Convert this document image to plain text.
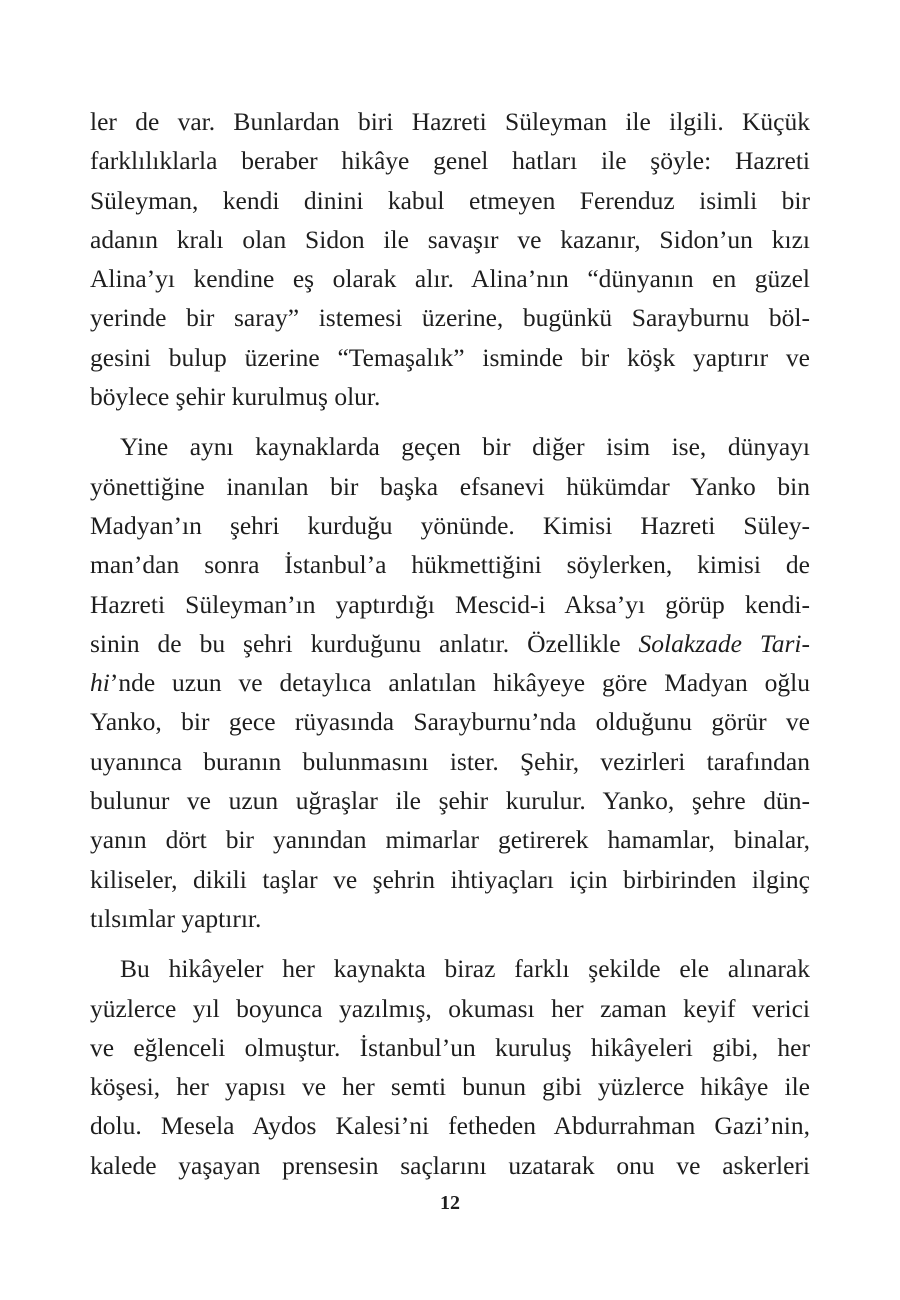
ler de var. Bunlardan biri Hazreti Süleyman ile ilgili. Küçük
farklılıklarla beraber hikâye genel hatları ile şöyle: Hazreti
Süleyman, kendi dinini kabul etmeyen Ferenduz isimli bir
adanın kralı olan Sidon ile savaşır ve kazanır, Sidon’un kızı
Alina’yı kendine eş olarak alır. Alina’nın “dünyanın en güzel
yerinde bir saray” istemesi üzerine, bugünkü Sarayburnu böl-
gesini bulup üzerine “Temaşalık” isminde bir köşk yaptırır ve
böylece şehir kurulmuş olur.
Yine aynı kaynaklarda geçen bir diğer isim ise, dünyayı
yönettiğine inanılan bir başka efsanevi hükümdar Yanko bin
Madyan’ın şehri kurduğu yönünde. Kimisi Hazreti Süley-
man’dan sonra İstanbul’a hükmettiğini söylerken, kimisi de
Hazreti Süleyman’ın yaptırdığı Mescid-i Aksa’yı görüp kendi-
sinin de bu şehri kurduğunu anlatır. Özellikle Solakzade Tari-
hi’nde uzun ve detaylıca anlatılan hikâyeye göre Madyan oğlu
Yanko, bir gece rüyasında Sarayburnu’nda olduğunu görür ve
uyanınca buranın bulunmasını ister. Şehir, vezirleri tarafından
bulunur ve uzun uğraşlar ile şehir kurulur. Yanko, şehre dün-
yanın dört bir yanından mimarlar getirerek hamamlar, binalar,
kiliseler, dikili taşlar ve şehrin ihtiyaçları için birbirinden ilginç
tılsımlar yaptırır.
Bu hikâyeler her kaynakta biraz farklı şekilde ele alınarak
yüzlerce yıl boyunca yazılmış, okuması her zaman keyif verici
ve eğlenceli olmuştur. İstanbul’un kuruluş hikâyeleri gibi, her
köşesi, her yapısı ve her semti bunun gibi yüzlerce hikâye ile
dolu. Mesela Aydos Kalesi’ni fetheden Abdurrahman Gazi’nin,
kalede yaşayan prensesin saçlarını uzatarak onu ve askerleri
12
